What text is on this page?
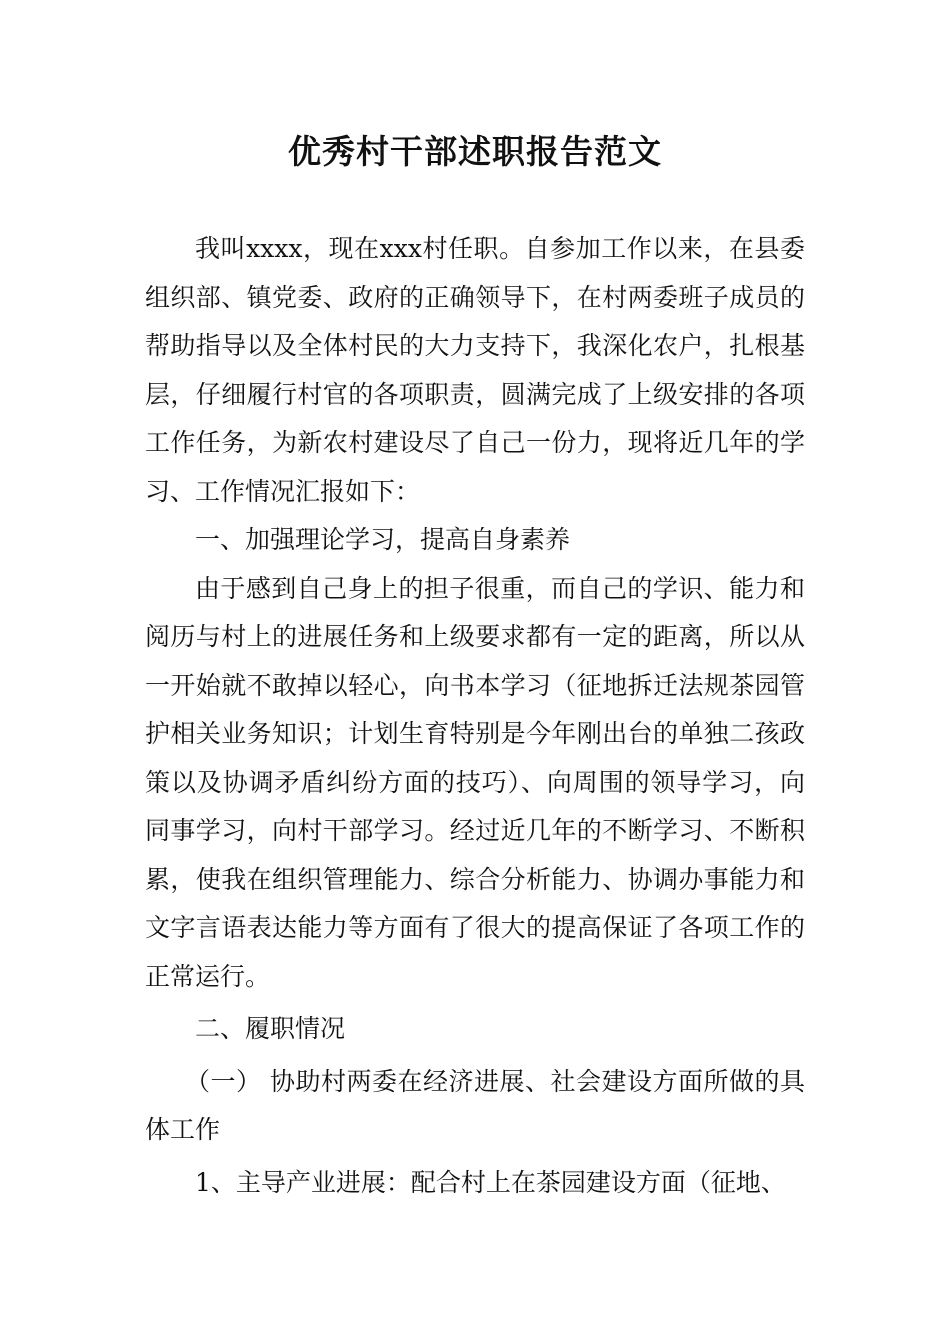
优秀村干部述职报告范文

我叫xxxx，现在xxx村任职。自参加工作以来，在县委组织部、镇党委、政府的正确领导下，在村两委班子成员的帮助指导以及全体村民的大力支持下，我深化农户，扎根基层，仔细履行村官的各项职责，圆满完成了上级安排的各项工作任务，为新农村建设尽了自己一份力，现将近几年的学习、工作情况汇报如下：

一、加强理论学习，提高自身素养

由于感到自己身上的担子很重，而自己的学识、能力和阅历与村上的进展任务和上级要求都有一定的距离，所以从一开始就不敢掉以轻心，向书本学习（征地拆迁法规茶园管护相关业务知识；计划生育特别是今年刚出台的单独二孩政策以及协调矛盾纠纷方面的技巧）、向周围的领导学习，向同事学习，向村干部学习。经过近几年的不断学习、不断积累，使我在组织管理能力、综合分析能力、协调办事能力和文字言语表达能力等方面有了很大的提高保证了各项工作的正常运行。

二、履职情况

（一） 协助村两委在经济进展、社会建设方面所做的具体工作

1、主导产业进展：配合村上在茶园建设方面（征地、
